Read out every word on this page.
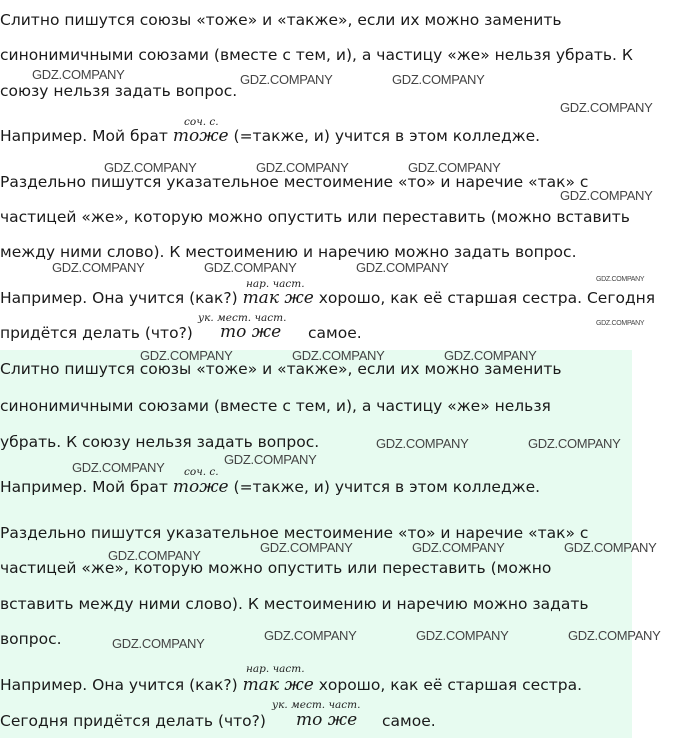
Слитно пишутся союзы «тоже» и «также», если их можно заменить
синонимичными союзами (вместе с тем, и), а частицу «же» нельзя убрать. К
союзу нельзя задать вопрос.
соч. с.
Например. Мой брат тоже (=также, и) учится в этом колледже.
Раздельно пишутся указательное местоимение «то» и наречие «так» с
частицей «же», которую можно опустить или переставить (можно вставить
между ними слово). К местоимению и наречию можно задать вопрос.
нар. част.
Например. Она учится (как?) так же хорошо, как её старшая сестра. Сегодня
ук. мест. част.
придётся делать (что?) то же самое.
Слитно пишутся союзы «тоже» и «также», если их можно заменить
синонимичными союзами (вместе с тем, и), а частицу «же» нельзя
убрать. К союзу нельзя задать вопрос.
соч. с.
Например. Мой брат тоже (=также, и) учится в этом колледже.
Раздельно пишутся указательное местоимение «то» и наречие «так» с
частицей «же», которую можно опустить или переставить (можно
вставить между ними слово). К местоимению и наречию можно задать
вопрос.
нар. част.
Например. Она учится (как?) так же хорошо, как её старшая сестра.
ук. мест. част.
Сегодня придётся делать (что?) то же самое.
GDZ.COMPANY	GDZ.COMPANY	GDZ.COMPANY
GDZ.COMPANY
GDZ.COMPANY	GDZ.COMPANY	GDZ.COMPANY
GDZ.COMPANY
GDZ.COMPANY	GDZ.COMPANY	GDZ.COMPANY
GDZ.COMPANY
GDZ.COMPANY
GDZ.COMPANY	GDZ.COMPANY	GDZ.COMPANY
GDZ.COMPANY	GDZ.COMPANY
GDZ.COMPANY
GDZ.COMPANY
GDZ.COMPANY	GDZ.COMPANY	GDZ.COMPANY
GDZ.COMPANY
GDZ.COMPANY	GDZ.COMPANY	GDZ.COMPANY
GDZ.COMPANY
